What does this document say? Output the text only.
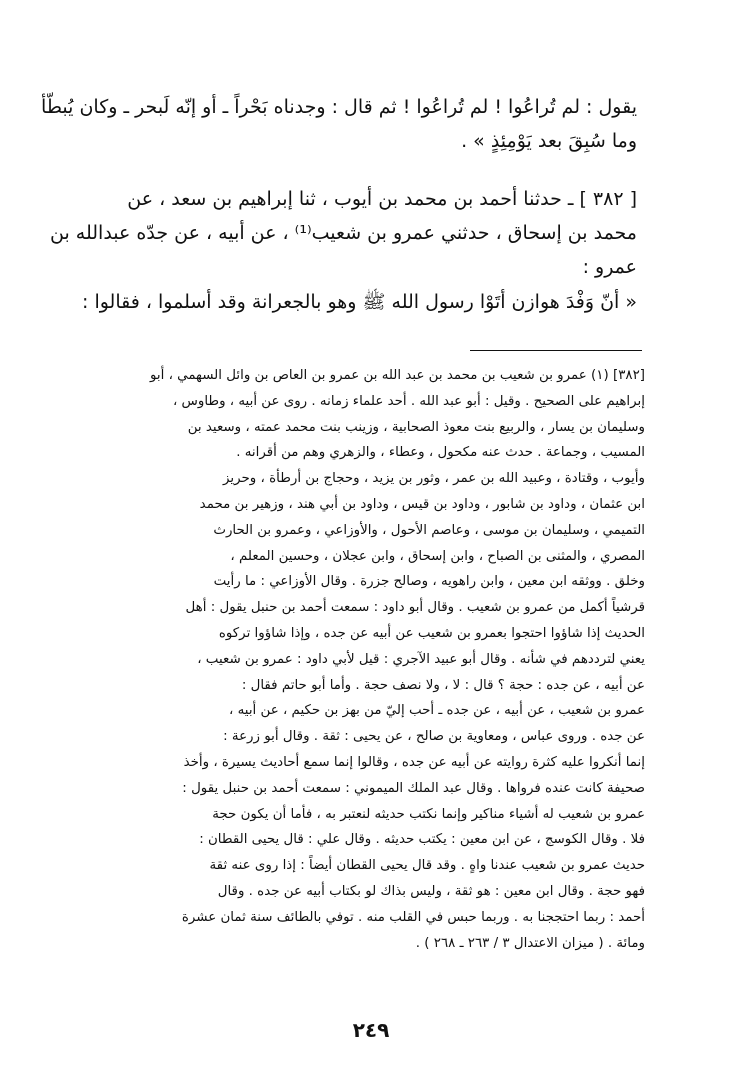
يقول : لم تُراعُوا ! لم تُراعُوا ! ثم قال : وجدناه بَحْراً ـ أو إنّه لَبحر ـ وكان يُبطّأ
وما سُبِقَ بعد يَوْمِئِذٍ » .
[ ٣٨٢ ] ـ حدثنا أحمد بن محمد بن أيوب ، ثنا إبراهيم بن سعد ، عن
محمد بن إسحاق ، حدثني عمرو بن شعيب⁽¹⁾ ، عن أبيه ، عن جدّه عبدالله بن
عمرو :
« أنّ وَفْدَ هوازن أتَوْا رسول الله ﷺ وهو بالجعرانة وقد أسلموا ، فقالوا :
[٣٨٢] (١) عمرو بن شعيب بن محمد بن عبد الله بن عمرو بن العاص بن وائل السهمي ، أبو
إبراهيم على الصحيح . وقيل : أبو عبد الله . أحد علماء زمانه . روى عن أبيه ، وطاوس ،
وسليمان بن يسار ، والربيع بنت معوذ الصحابية ، وزينب بنت محمد عمته ، وسعيد بن
المسيب ، وجماعة . حدث عنه مكحول ، وعطاء ، والزهري وهم من أقرانه .
وأيوب ، وقتادة ، وعبيد الله بن عمر ، وثور بن يزيد ، وحجاج بن أرطأة ، وحريز
ابن عثمان ، وداود بن شابور ، وداود بن قيس ، وداود بن أبي هند ، وزهير بن محمد
التميمي ، وسليمان بن موسى ، وعاصم الأحول ، والأوزاعي ، وعمرو بن الحارث
المصري ، والمثنى بن الصباح ، وابن إسحاق ، وابن عجلان ، وحسين المعلم ،
وخلق . ووثقه ابن معين ، وابن راهويه ، وصالح جزرة . وقال الأوزاعي : ما رأيت
قرشياً أكمل من عمرو بن شعيب . وقال أبو داود : سمعت أحمد بن حنبل يقول : أهل
الحديث إذا شاؤوا احتجوا بعمرو بن شعيب عن أبيه عن جده ، وإذا شاؤوا تركوه
يعني لترددهم في شأنه . وقال أبو عبيد الآجري : قيل لأبي داود : عمرو بن شعيب ،
عن أبيه ، عن جده : حجة ؟ قال : لا ، ولا نصف حجة . وأما أبو حاتم فقال :
عمرو بن شعيب ، عن أبيه ، عن جده ـ أحب إليّ من بهز بن حكيم ، عن أبيه ،
عن جده . وروى عباس ، ومعاوية بن صالح ، عن يحيى : ثقة . وقال أبو زرعة :
إنما أنكروا عليه كثرة روايته عن أبيه عن جده ، وقالوا إنما سمع أحاديث يسيرة ، وأخذ
صحيفة كانت عنده فرواها . وقال عبد الملك الميموني : سمعت أحمد بن حنبل يقول :
عمرو بن شعيب له أشياء مناكير وإنما نكتب حديثه لنعتبر به ، فأما أن يكون حجة
فلا . وقال الكوسج ، عن ابن معين : يكتب حديثه . وقال علي : قال يحيى القطان :
حديث عمرو بن شعيب عندنا واهٍ . وقد قال يحيى القطان أيضاً : إذا روى عنه ثقة
فهو حجة . وقال ابن معين : هو ثقة ، وليس بذاك لو بكتاب أبيه عن جده . وقال
أحمد : ربما احتججنا به . وربما حبس في القلب منه . توفي بالطائف سنة ثمان عشرة
ومائة . ( ميزان الاعتدال ٣ / ٢٦٣ ـ ٢٦٨ ) .
٢٤٩
